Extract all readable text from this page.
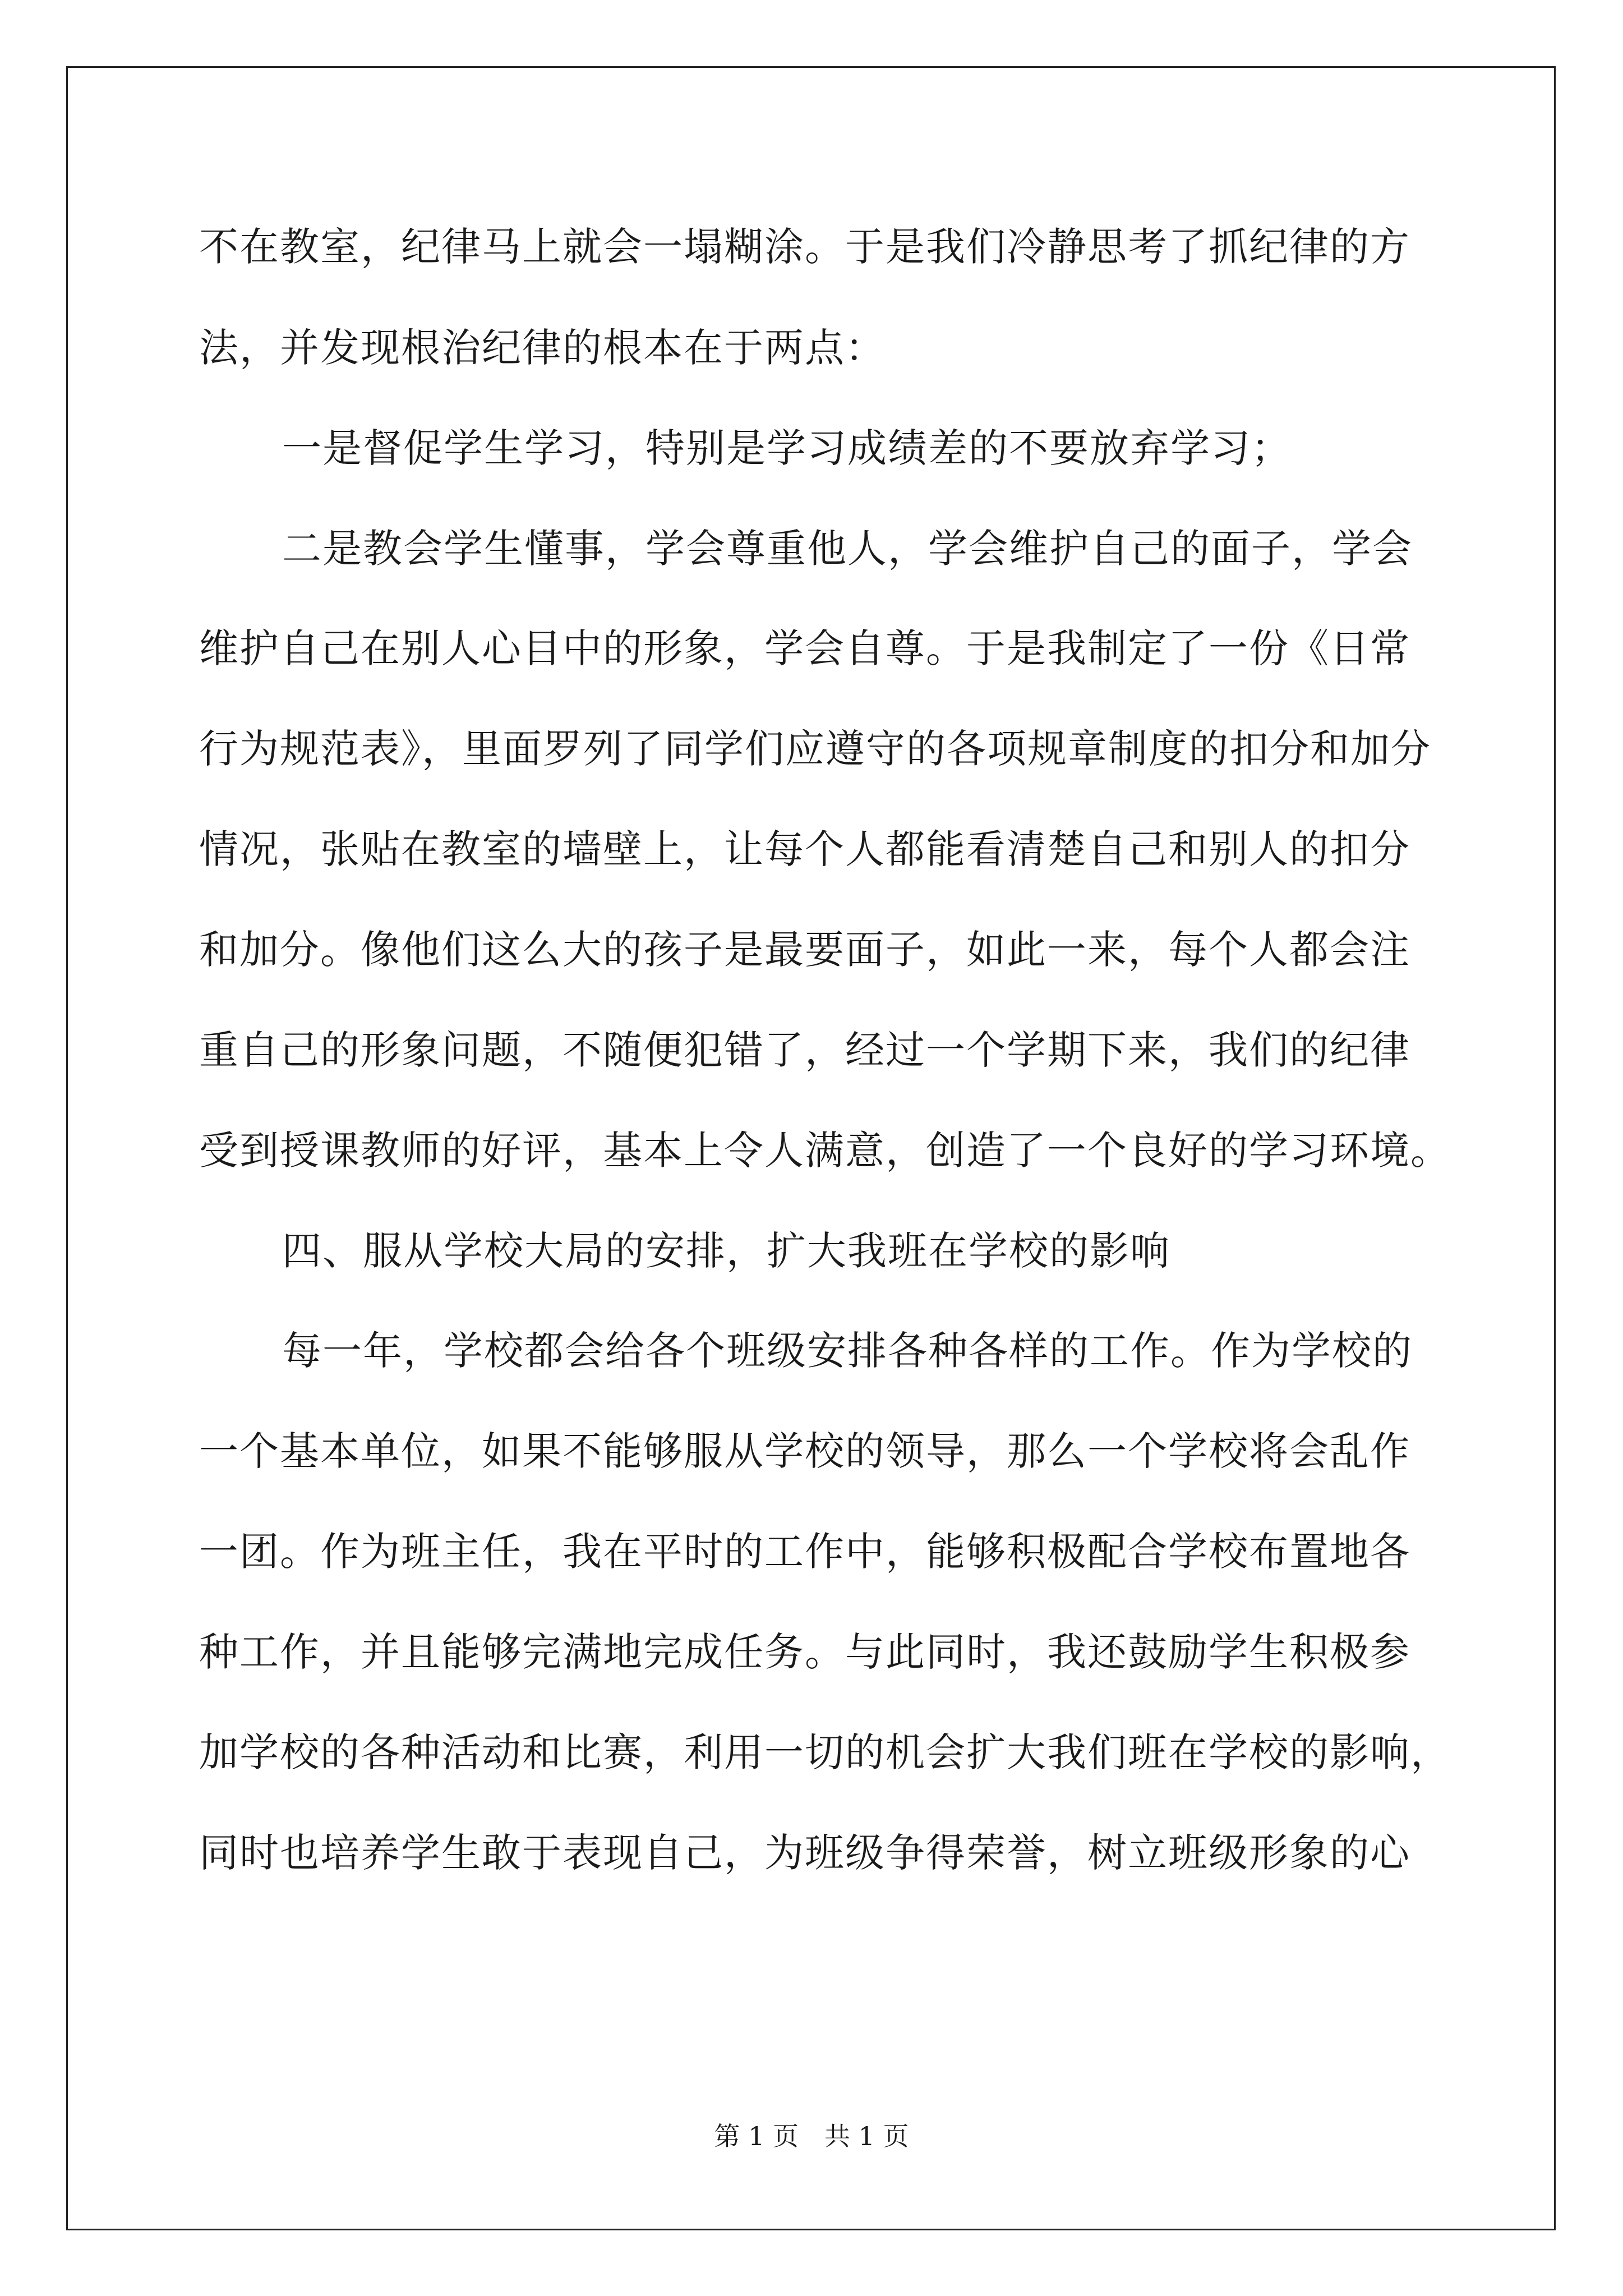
不在教室，纪律马上就会一塌糊涂。于是我们冷静思考了抓纪律的方
法，并发现根治纪律的根本在于两点：
一是督促学生学习，特别是学习成绩差的不要放弃学习；
二是教会学生懂事，学会尊重他人，学会维护自己的面子，学会
维护自己在别人心目中的形象，学会自尊。于是我制定了一份《日常
行为规范表》，里面罗列了同学们应遵守的各项规章制度的扣分和加分
情况，张贴在教室的墙壁上，让每个人都能看清楚自己和别人的扣分
和加分。像他们这么大的孩子是最要面子，如此一来，每个人都会注
重自己的形象问题，不随便犯错了，经过一个学期下来，我们的纪律
受到授课教师的好评，基本上令人满意，创造了一个良好的学习环境。
四、服从学校大局的安排，扩大我班在学校的影响
每一年，学校都会给各个班级安排各种各样的工作。作为学校的
一个基本单位，如果不能够服从学校的领导，那么一个学校将会乱作
一团。作为班主任，我在平时的工作中，能够积极配合学校布置地各
种工作，并且能够完满地完成任务。与此同时，我还鼓励学生积极参
加学校的各种活动和比赛，利用一切的机会扩大我们班在学校的影响，
同时也培养学生敢于表现自己，为班级争得荣誉，树立班级形象的心
第 1 页　共 1 页
